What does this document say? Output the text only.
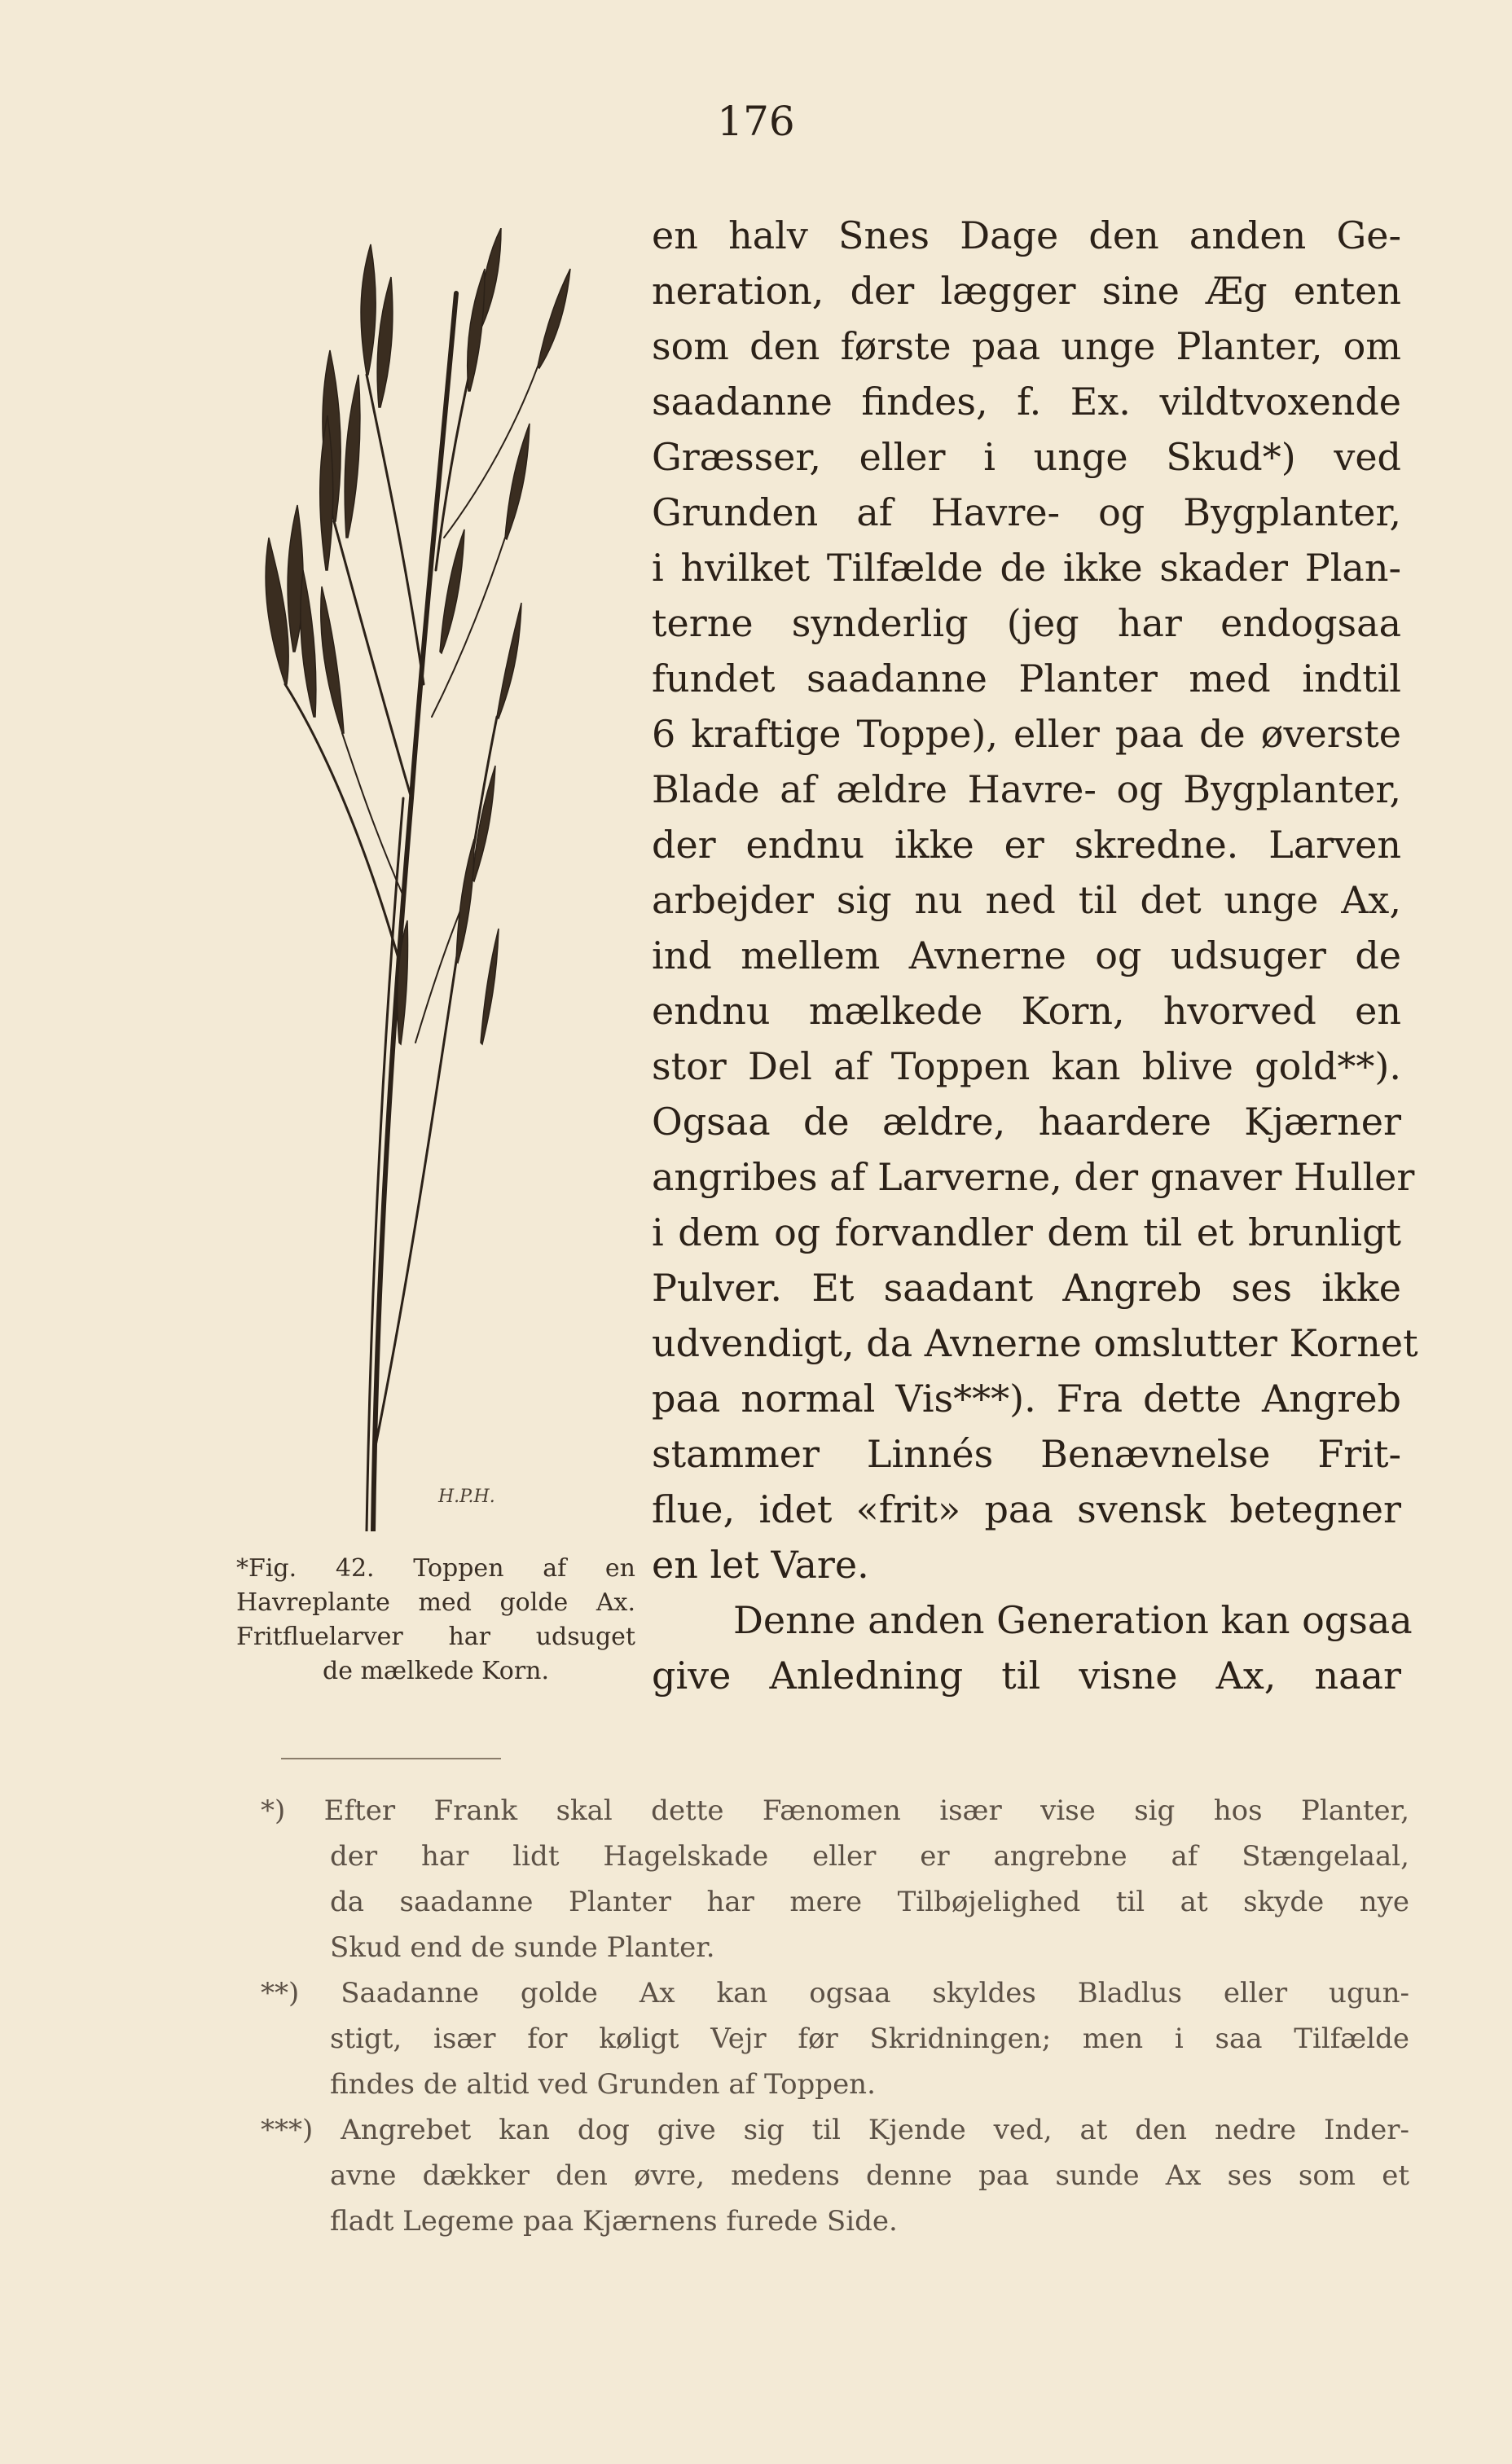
176
H.P.H.
*Fig. 42. Toppen af en
Havreplante med golde Ax.
Fritfluelarver har udsuget
de mælkede Korn.
en halv Snes Dage den anden Ge-
neration, der lægger sine Æg enten
som den første paa unge Planter, om
saadanne findes, f. Ex. vildtvoxende
Græsser, eller i unge Skud*) ved
Grunden af Havre- og Bygplanter,
i hvilket Tilfælde de ikke skader Plan-
terne synderlig (jeg har endogsaa
fundet saadanne Planter med indtil
6 kraftige Toppe), eller paa de øverste
Blade af ældre Havre- og Bygplanter,
der endnu ikke er skredne. Larven
arbejder sig nu ned til det unge Ax,
ind mellem Avnerne og udsuger de
endnu mælkede Korn, hvorved en
stor Del af Toppen kan blive gold**).
Ogsaa de ældre, haardere Kjærner
angribes af Larverne, der gnaver Huller
i dem og forvandler dem til et brunligt
Pulver. Et saadant Angreb ses ikke
udvendigt, da Avnerne omslutter Kornet
paa normal Vis***). Fra dette Angreb
stammer Linnés Benævnelse Frit-
flue, idet «frit» paa svensk betegner
en let Vare.
Denne anden Generation kan ogsaa
give Anledning til visne Ax, naar
*) Efter Frank skal dette Fænomen især vise sig hos Planter,
der har lidt Hagelskade eller er angrebne af Stængelaal,
da saadanne Planter har mere Tilbøjelighed til at skyde nye
Skud end de sunde Planter.
**) Saadanne golde Ax kan ogsaa skyldes Bladlus eller ugun-
stigt, især for køligt Vejr før Skridningen; men i saa Tilfælde
findes de altid ved Grunden af Toppen.
***) Angrebet kan dog give sig til Kjende ved, at den nedre Inder-
avne dækker den øvre, medens denne paa sunde Ax ses som et
fladt Legeme paa Kjærnens furede Side.
